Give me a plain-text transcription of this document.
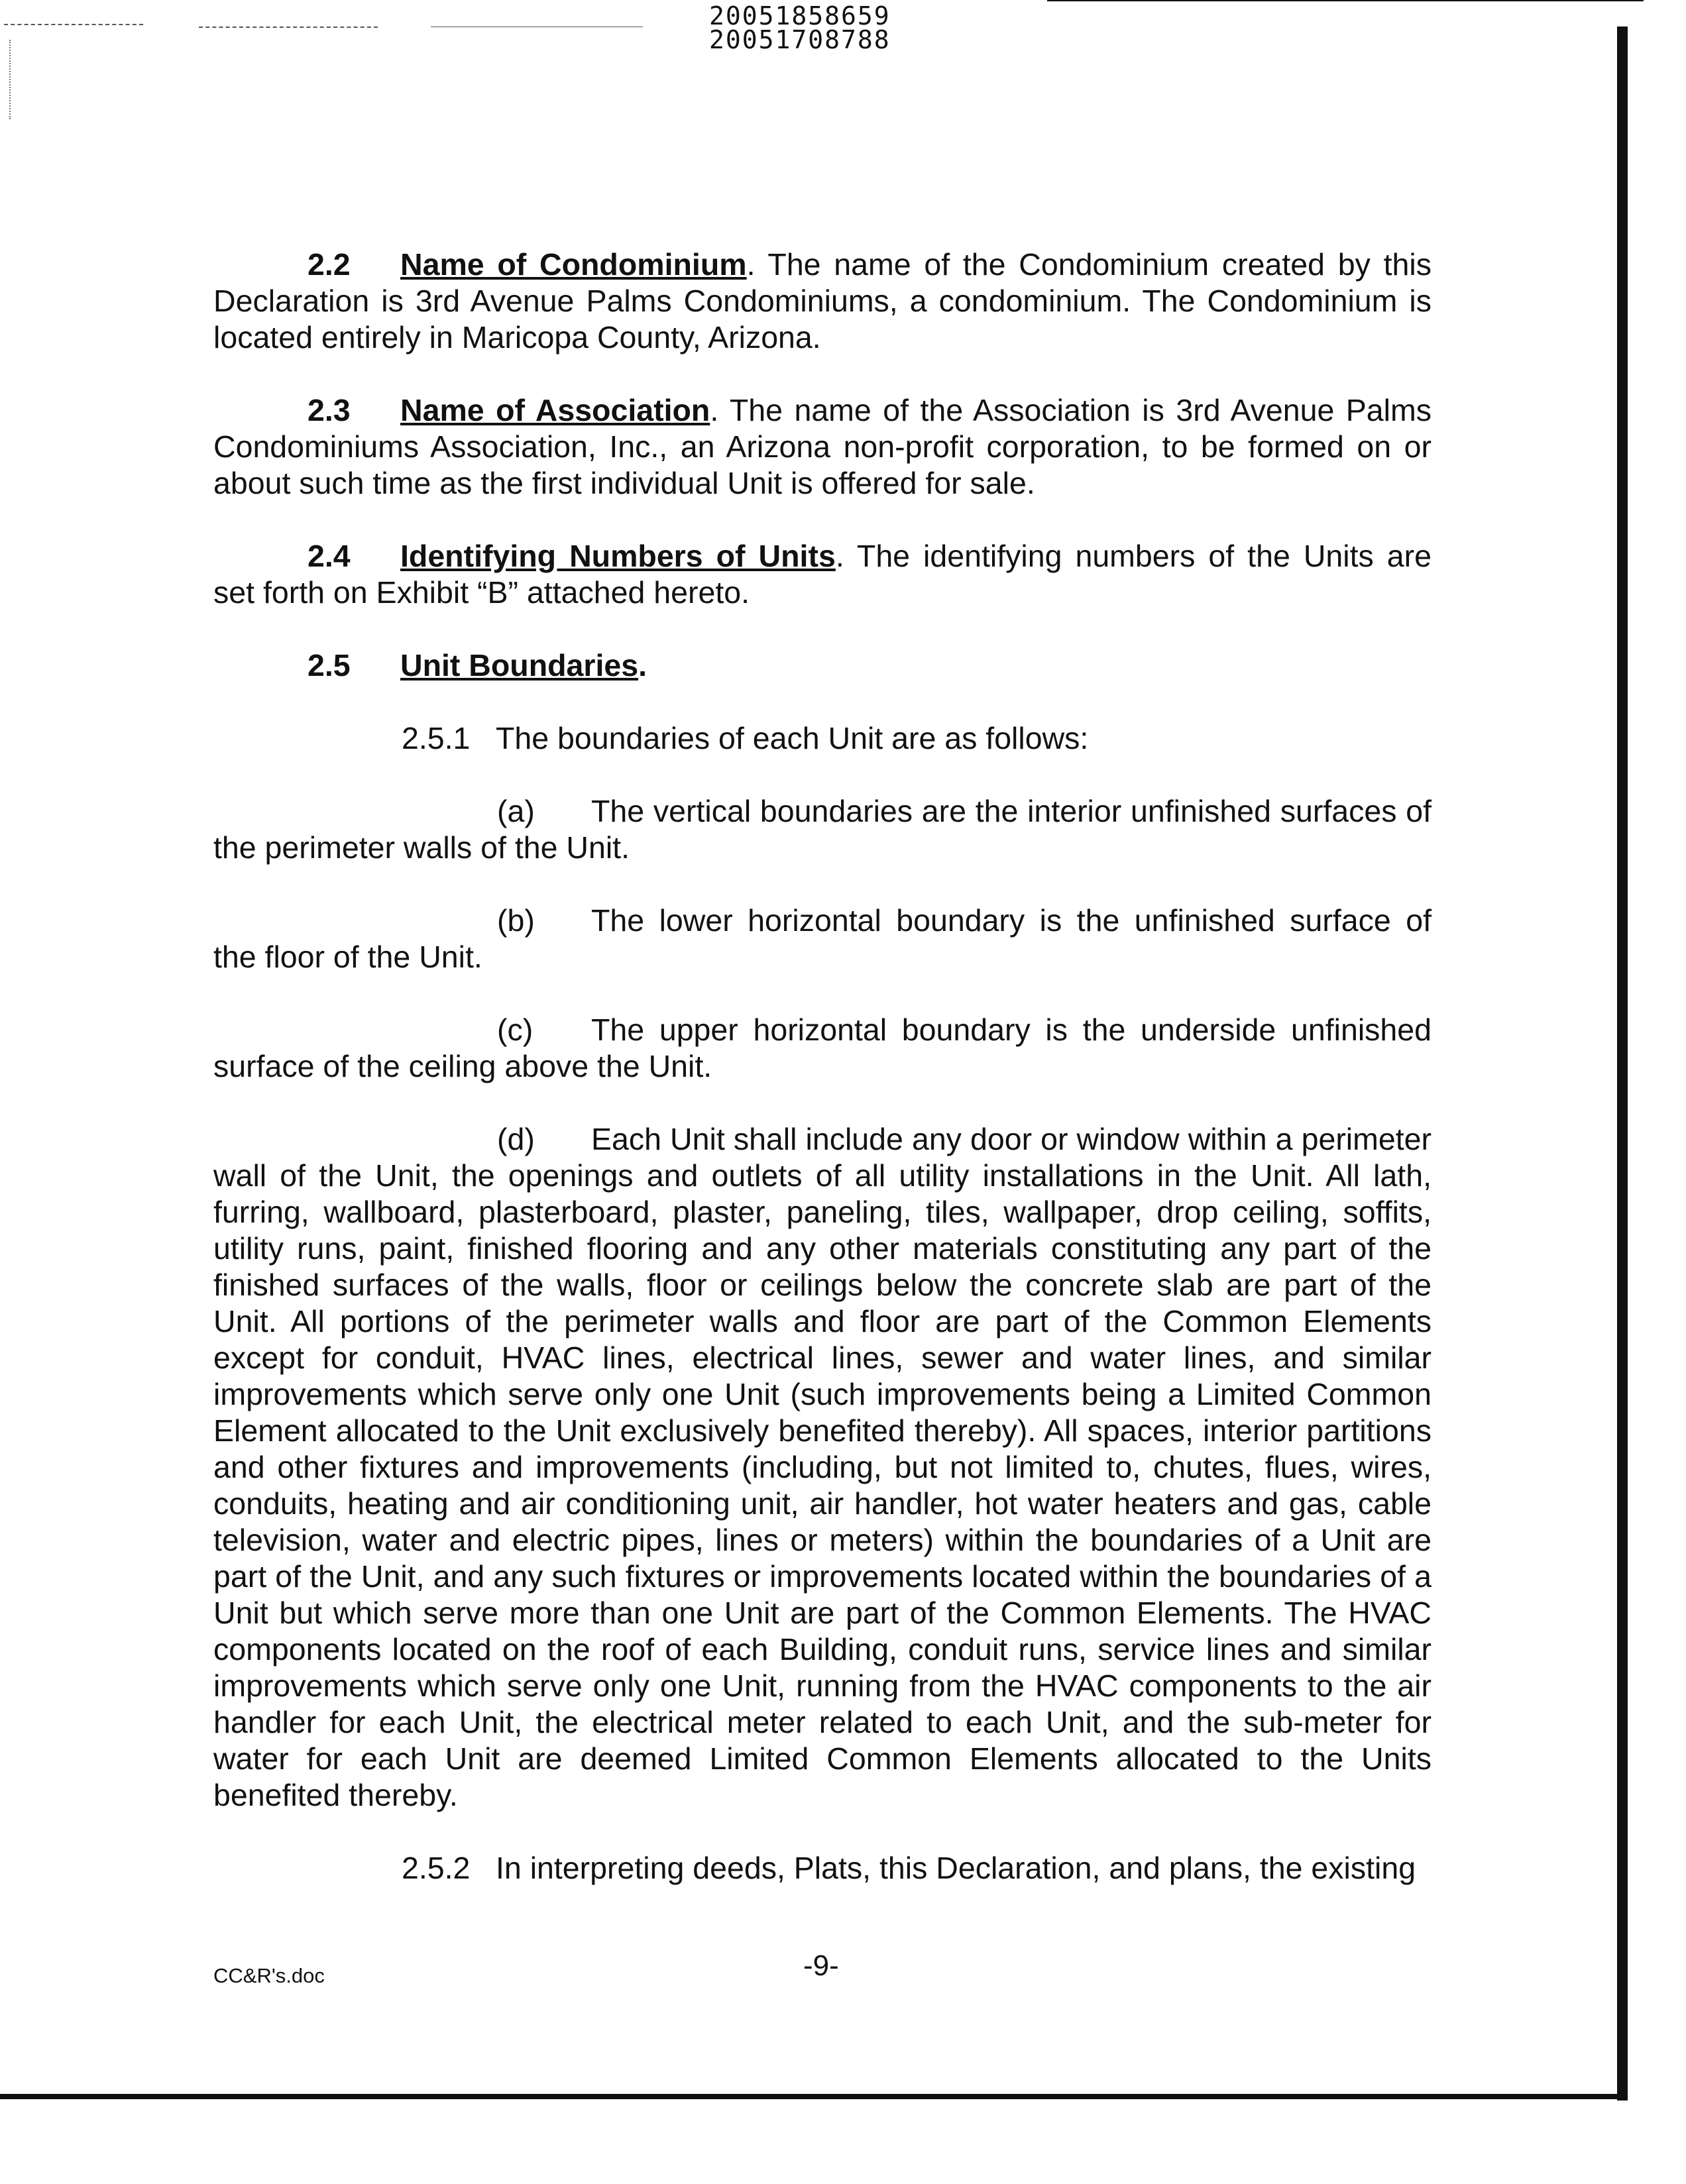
20051858659
20051708788

2.2 Name of Condominium. The name of the Condominium created by this Declaration is 3rd Avenue Palms Condominiums, a condominium. The Condominium is located entirely in Maricopa County, Arizona.

2.3 Name of Association. The name of the Association is 3rd Avenue Palms Condominiums Association, Inc., an Arizona non-profit corporation, to be formed on or about such time as the first individual Unit is offered for sale.

2.4 Identifying Numbers of Units. The identifying numbers of the Units are set forth on Exhibit “B” attached hereto.

2.5 Unit Boundaries.

2.5.1 The boundaries of each Unit are as follows:

(a) The vertical boundaries are the interior unfinished surfaces of the perimeter walls of the Unit.

(b) The lower horizontal boundary is the unfinished surface of the floor of the Unit.

(c) The upper horizontal boundary is the underside unfinished surface of the ceiling above the Unit.

(d) Each Unit shall include any door or window within a perimeter wall of the Unit, the openings and outlets of all utility installations in the Unit. All lath, furring, wallboard, plasterboard, plaster, paneling, tiles, wallpaper, drop ceiling, soffits, utility runs, paint, finished flooring and any other materials constituting any part of the finished surfaces of the walls, floor or ceilings below the concrete slab are part of the Unit. All portions of the perimeter walls and floor are part of the Common Elements except for conduit, HVAC lines, electrical lines, sewer and water lines, and similar improvements which serve only one Unit (such improvements being a Limited Common Element allocated to the Unit exclusively benefited thereby). All spaces, interior partitions and other fixtures and improvements (including, but not limited to, chutes, flues, wires, conduits, heating and air conditioning unit, air handler, hot water heaters and gas, cable television, water and electric pipes, lines or meters) within the boundaries of a Unit are part of the Unit, and any such fixtures or improvements located within the boundaries of a Unit but which serve more than one Unit are part of the Common Elements. The HVAC components located on the roof of each Building, conduit runs, service lines and similar improvements which serve only one Unit, running from the HVAC components to the air handler for each Unit, the electrical meter related to each Unit, and the sub-meter for water for each Unit are deemed Limited Common Elements allocated to the Units benefited thereby.

2.5.2 In interpreting deeds, Plats, this Declaration, and plans, the existing

CC&R's.doc	-9-
